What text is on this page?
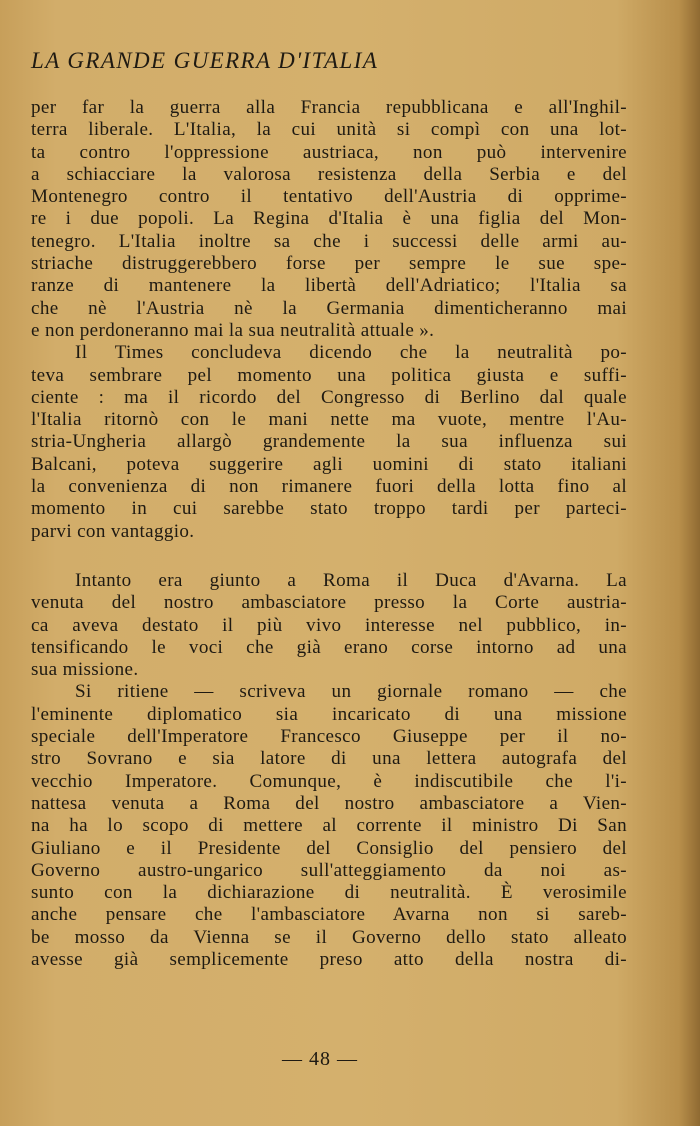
LA GRANDE GUERRA D'ITALIA
per far la guerra alla Francia repubblicana e all'Inghil-
terra liberale. L'Italia, la cui unità si compì con una lot-
ta contro l'oppressione austriaca, non può intervenire
a schiacciare la valorosa resistenza della Serbia e del
Montenegro contro il tentativo dell'Austria di opprime-
re i due popoli. La Regina d'Italia è una figlia del Mon-
tenegro. L'Italia inoltre sa che i successi delle armi au-
striache distruggerebbero forse per sempre le sue spe-
ranze di mantenere la libertà dell'Adriatico; l'Italia sa
che nè l'Austria nè la Germania dimenticheranno mai
e non perdoneranno mai la sua neutralità attuale ».
Il Times concludeva dicendo che la neutralità po-
teva sembrare pel momento una politica giusta e suffi-
ciente : ma il ricordo del Congresso di Berlino dal quale
l'Italia ritornò con le mani nette ma vuote, mentre l'Au-
stria-Ungheria allargò grandemente la sua influenza sui
Balcani, poteva suggerire agli uomini di stato italiani
la convenienza di non rimanere fuori della lotta fino al
momento in cui sarebbe stato troppo tardi per parteci-
parvi con vantaggio.
Intanto era giunto a Roma il Duca d'Avarna. La
venuta del nostro ambasciatore presso la Corte austria-
ca aveva destato il più vivo interesse nel pubblico, in-
tensificando le voci che già erano corse intorno ad una
sua missione.
Si ritiene — scriveva un giornale romano — che
l'eminente diplomatico sia incaricato di una missione
speciale dell'Imperatore Francesco Giuseppe per il no-
stro Sovrano e sia latore di una lettera autografa del
vecchio Imperatore. Comunque, è indiscutibile che l'i-
nattesa venuta a Roma del nostro ambasciatore a Vien-
na ha lo scopo di mettere al corrente il ministro Di San
Giuliano e il Presidente del Consiglio del pensiero del
Governo austro-ungarico sull'atteggiamento da noi as-
sunto con la dichiarazione di neutralità. È verosimile
anche pensare che l'ambasciatore Avarna non si sareb-
be mosso da Vienna se il Governo dello stato alleato
avesse già semplicemente preso atto della nostra di-
— 48 —
